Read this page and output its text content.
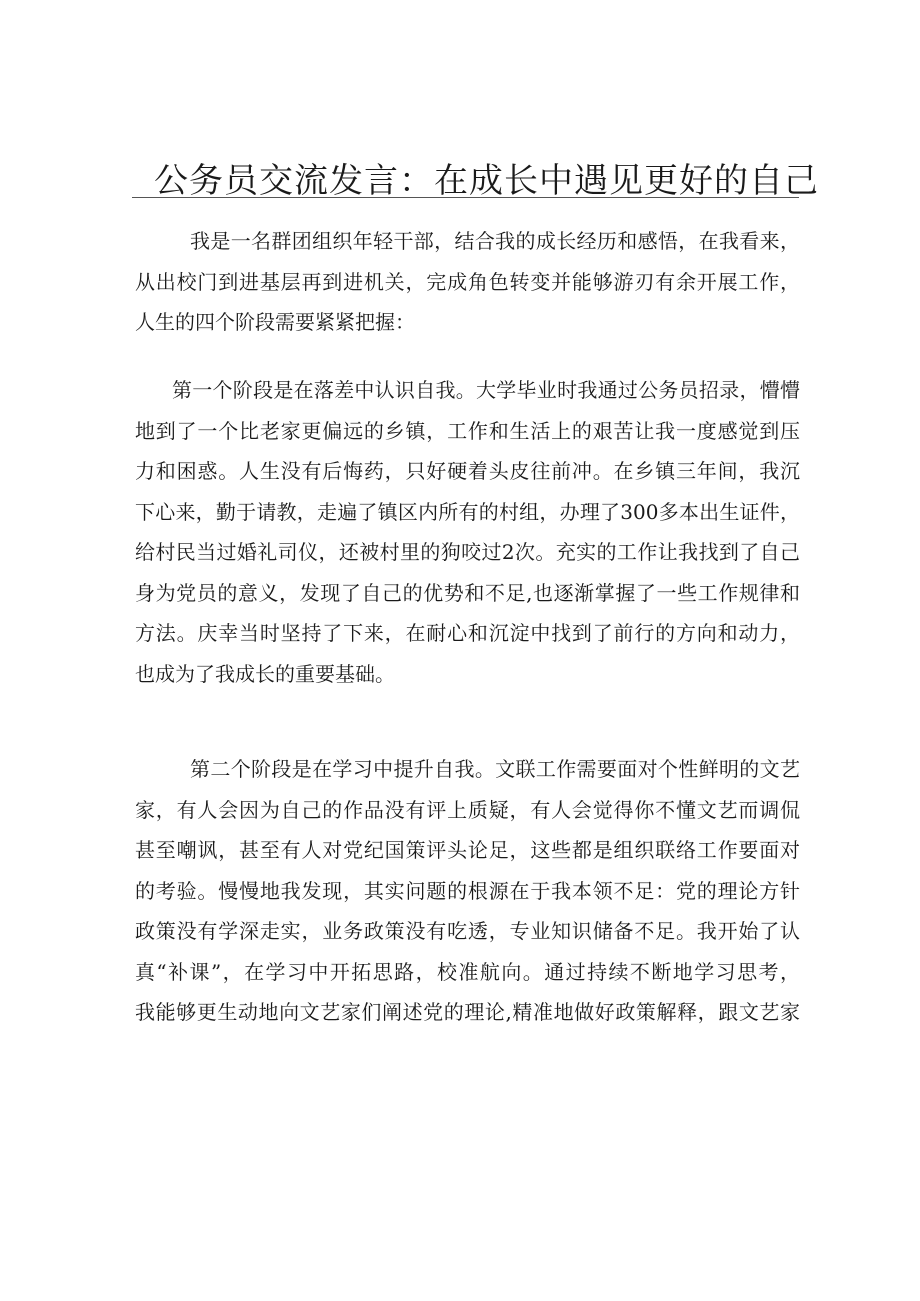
公务员交流发言：在成长中遇见更好的自己
我是一名群团组织年轻干部，结合我的成长经历和感悟，在我看来，
从出校门到进基层再到进机关，完成角色转变并能够游刃有余开展工作，
人生的四个阶段需要紧紧把握：
第一个阶段是在落差中认识自我。大学毕业时我通过公务员招录，懵懵
地到了一个比老家更偏远的乡镇，工作和生活上的艰苦让我一度感觉到压
力和困惑。人生没有后悔药，只好硬着头皮往前冲。在乡镇三年间，我沉
下心来，勤于请教，走遍了镇区内所有的村组，办理了300多本出生证件，
给村民当过婚礼司仪，还被村里的狗咬过2次。充实的工作让我找到了自己
身为党员的意义，发现了自己的优势和不足,也逐渐掌握了一些工作规律和
方法。庆幸当时坚持了下来，在耐心和沉淀中找到了前行的方向和动力，
也成为了我成长的重要基础。
第二个阶段是在学习中提升自我。文联工作需要面对个性鲜明的文艺
家，有人会因为自己的作品没有评上质疑，有人会觉得你不懂文艺而调侃
甚至嘲讽，甚至有人对党纪国策评头论足，这些都是组织联络工作要面对
的考验。慢慢地我发现，其实问题的根源在于我本领不足：党的理论方针
政策没有学深走实，业务政策没有吃透，专业知识储备不足。我开始了认
真“补课”，在学习中开拓思路，校准航向。通过持续不断地学习思考，
我能够更生动地向文艺家们阐述党的理论,精准地做好政策解释，跟文艺家
